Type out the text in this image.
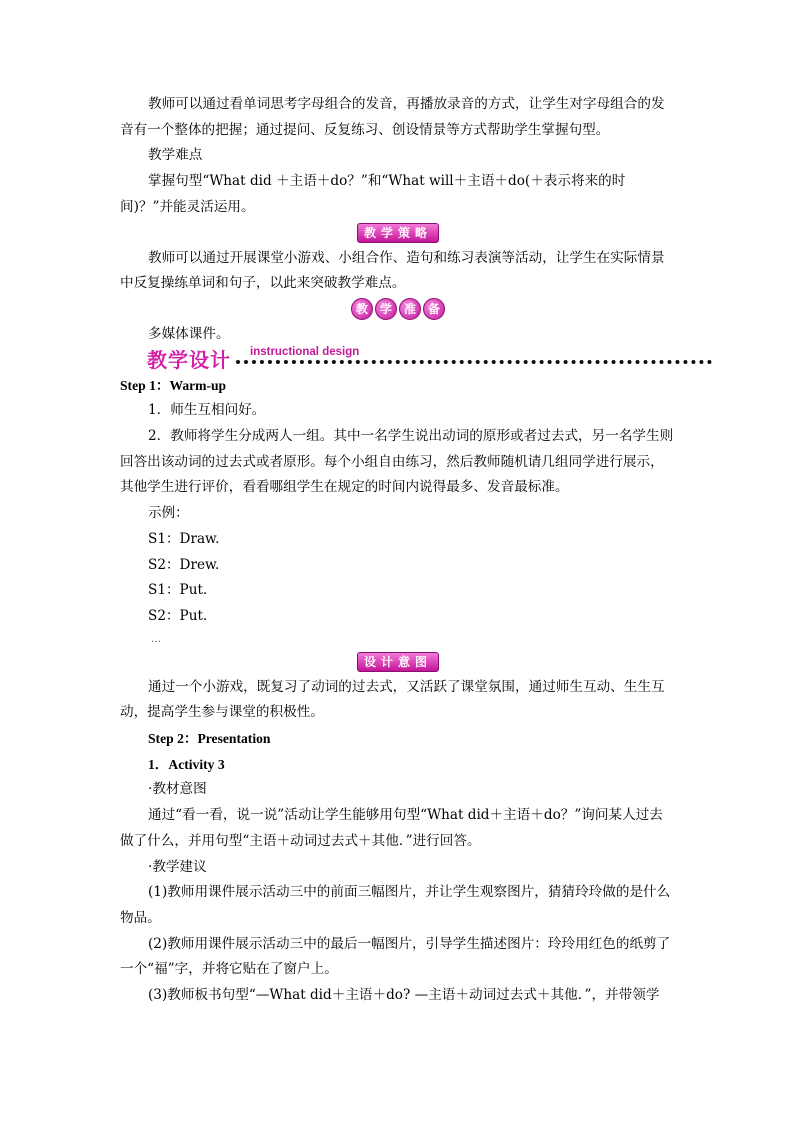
教师可以通过看单词思考字母组合的发音，再播放录音的方式，让学生对字母组合的发音有一个整体的把握；通过提问、反复练习、创设情景等方式帮助学生掌握句型。

教学难点

掌握句型“What did ＋主语＋do？”和“What will＋主语＋do(＋表示将来的时间)？”并能灵活运用。

教学策略

教师可以通过开展课堂小游戏、小组合作、造句和练习表演等活动，让学生在实际情景中反复操练单词和句子，以此来突破教学难点。

教 学 准 备

多媒体课件。

教学设计 instructional design

Step 1：Warm-up

1．师生互相问好。

2．教师将学生分成两人一组。其中一名学生说出动词的原形或者过去式，另一名学生则回答出该动词的过去式或者原形。每个小组自由练习，然后教师随机请几组同学进行展示，其他学生进行评价，看看哪组学生在规定的时间内说得最多、发音最标准。

示例：

S1：Draw.

S2：Drew.

S1：Put.

S2：Put.

…

设计意图

通过一个小游戏，既复习了动词的过去式，又活跃了课堂氛围，通过师生互动、生生互动，提高学生参与课堂的积极性。

Step 2：Presentation

1．Activity 3

·教材意图

通过“看一看，说一说”活动让学生能够用句型“What did＋主语＋do？”询问某人过去做了什么，并用句型“主语＋动词过去式＋其他．”进行回答。

·教学建议

(1)教师用课件展示活动三中的前面三幅图片，并让学生观察图片，猜猜玲玲做的是什么物品。

(2)教师用课件展示活动三中的最后一幅图片，引导学生描述图片：玲玲用红色的纸剪了一个“福”字，并将它贴在了窗户上。

(3)教师板书句型“—What did＋主语＋do? —主语＋动词过去式＋其他．”，并带领学
